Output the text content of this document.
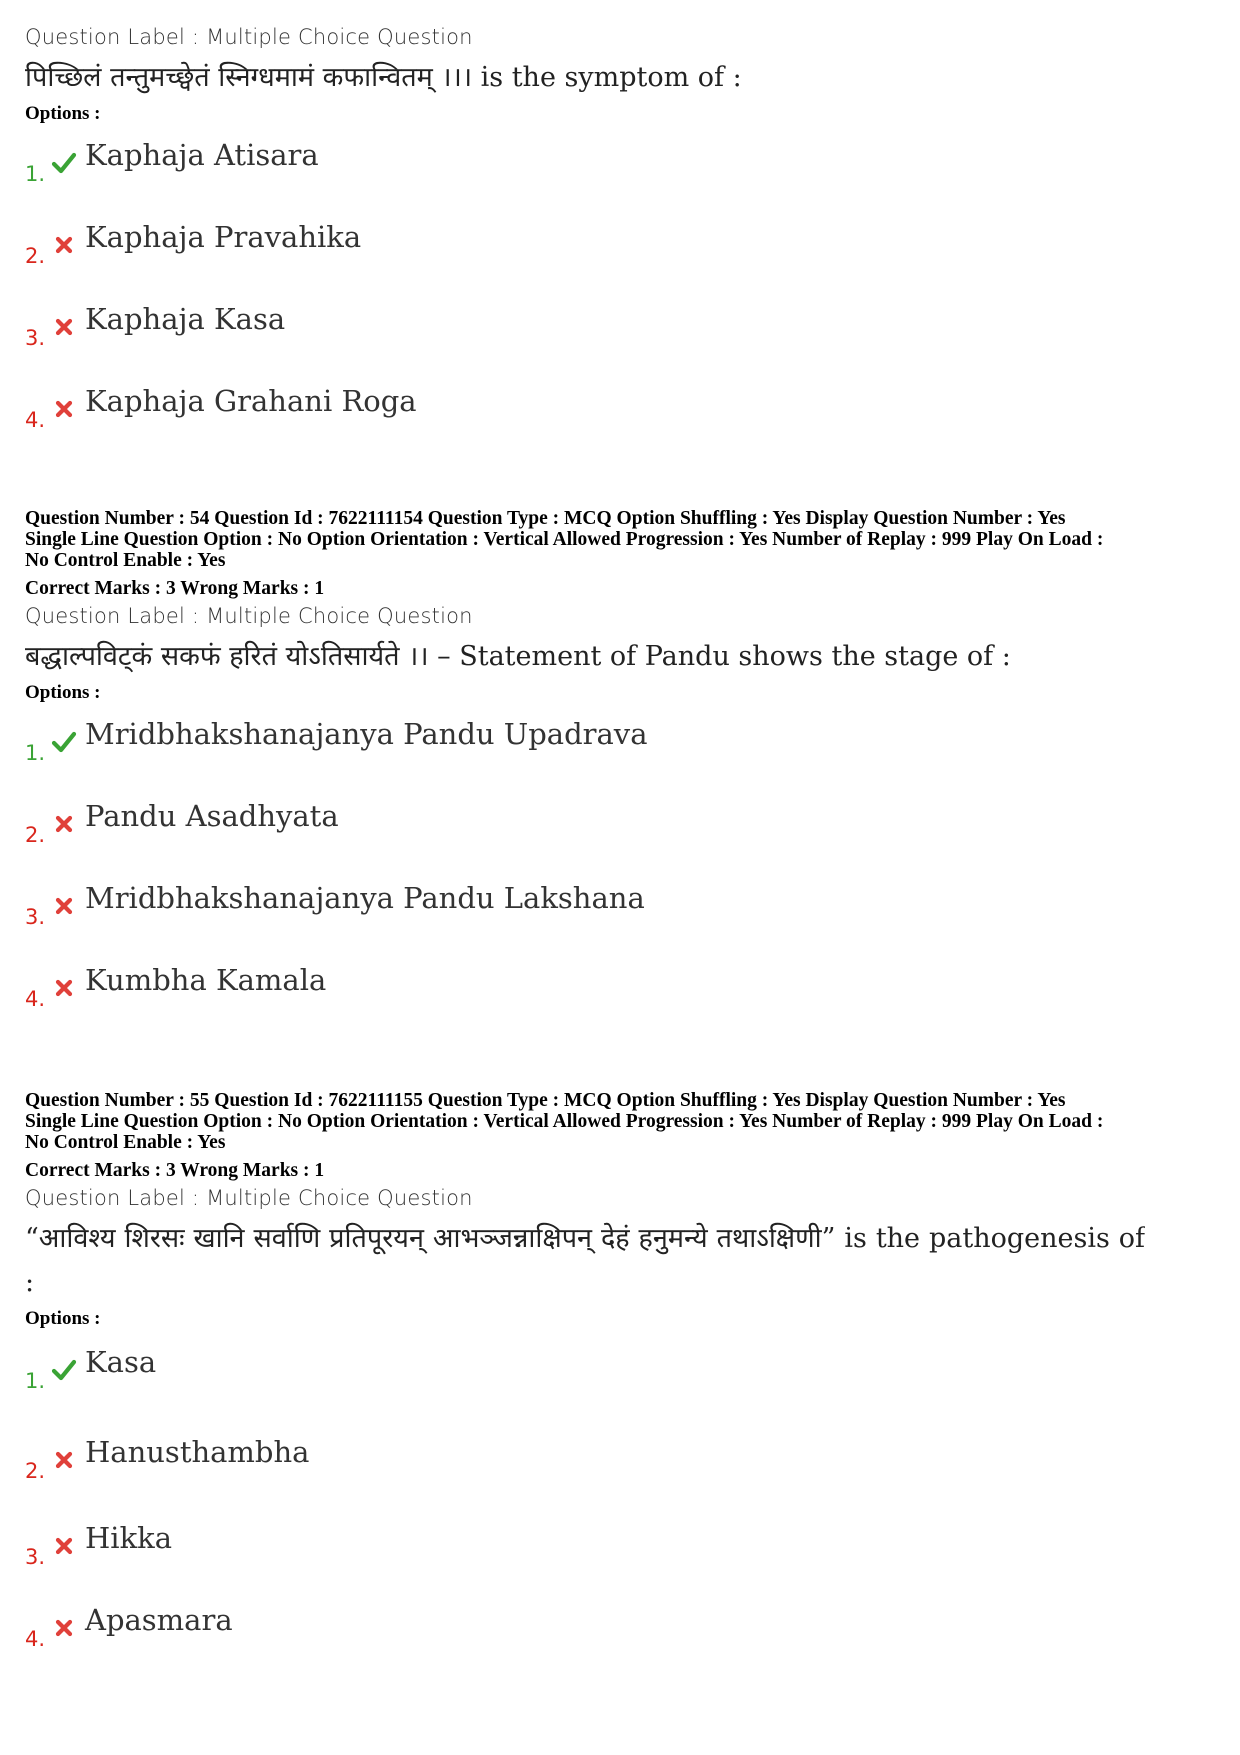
Question Label : Multiple Choice Question
पिच्छिलं तन्तुमच्छ्वेतं स्निग्धमामं कफान्वितम् ।।। is the symptom of :
Options :
1.
Kaphaja Atisara
2.
Kaphaja Pravahika
3.
Kaphaja Kasa
4.
Kaphaja Grahani Roga

Question Number : 54 Question Id : 7622111154 Question Type : MCQ Option Shuffling : Yes Display Question Number : Yes

Single Line Question Option : No Option Orientation : Vertical Allowed Progression : Yes Number of Replay : 999 Play On Load :

No Control Enable : Yes

Correct Marks : 3 Wrong Marks : 1
Question Label : Multiple Choice Question
बद्धाल्पविट्कं सकफं हरितं योऽतिसार्यते ।। – Statement of Pandu shows the stage of :
Options :
1.
Mridbhakshanajanya Pandu Upadrava
2.
Pandu Asadhyata
3.
Mridbhakshanajanya Pandu Lakshana
4.
Kumbha Kamala

Question Number : 55 Question Id : 7622111155 Question Type : MCQ Option Shuffling : Yes Display Question Number : Yes

Single Line Question Option : No Option Orientation : Vertical Allowed Progression : Yes Number of Replay : 999 Play On Load :

No Control Enable : Yes

Correct Marks : 3 Wrong Marks : 1
Question Label : Multiple Choice Question
“आविश्य शिरसः खानि सर्वाणि प्रतिपूरयन् आभञ्जन्नाक्षिपन् देहं हनुमन्ये तथाऽक्षिणी” is the pathogenesis of :
Options :
1.
Kasa
2.
Hanusthambha
3.
Hikka
4.
Apasmara
